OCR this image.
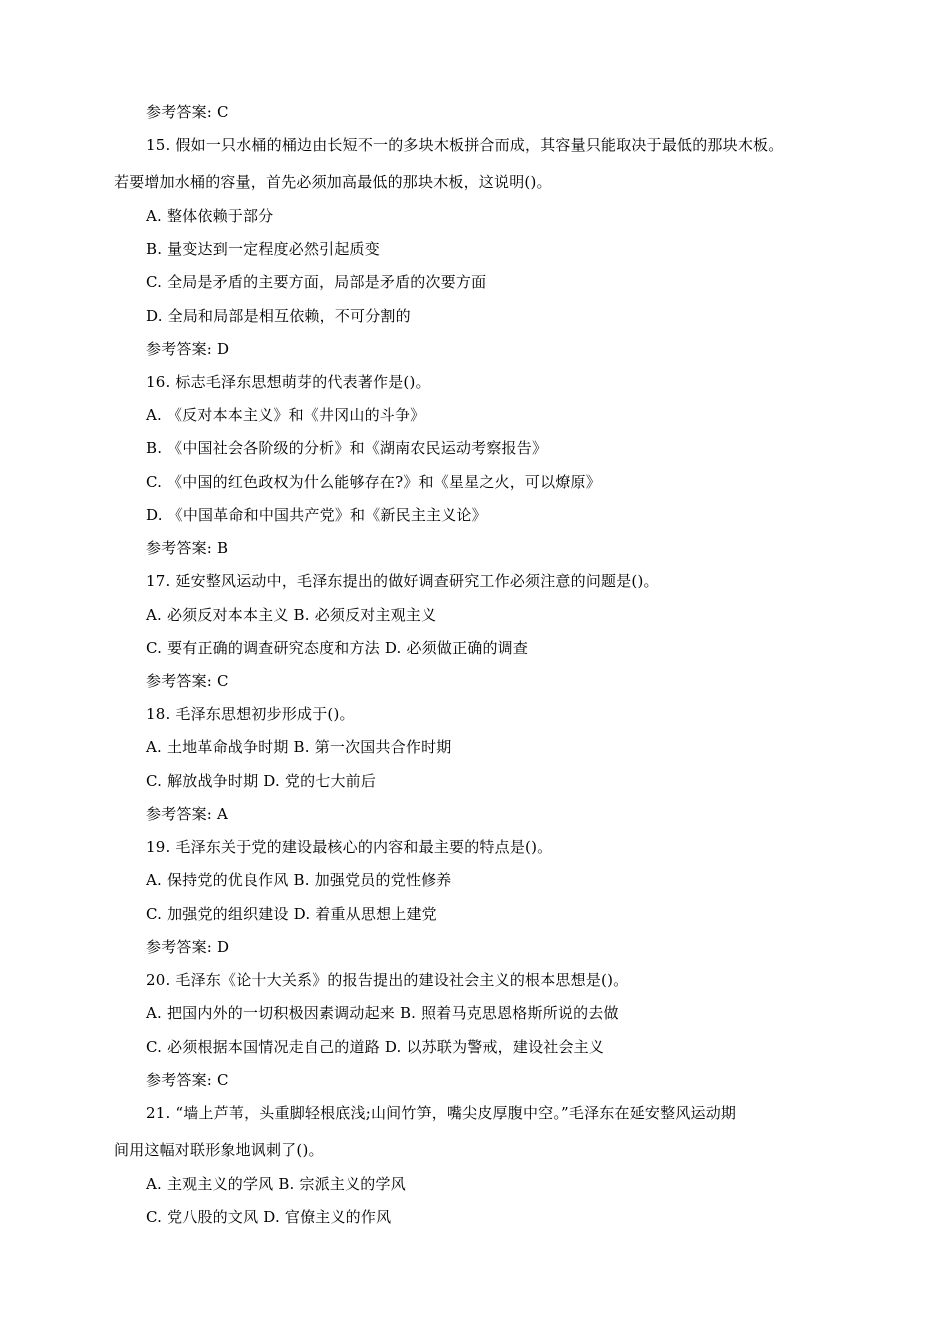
参考答案: C
15. 假如一只水桶的桶边由长短不一的多块木板拼合而成，其容量只能取决于最低的那块木板。
若要增加水桶的容量，首先必须加高最低的那块木板，这说明()。
A. 整体依赖于部分
B. 量变达到一定程度必然引起质变
C. 全局是矛盾的主要方面，局部是矛盾的次要方面
D. 全局和局部是相互依赖，不可分割的
参考答案: D
16. 标志毛泽东思想萌芽的代表著作是()。
A. 《反对本本主义》和《井冈山的斗争》
B. 《中国社会各阶级的分析》和《湖南农民运动考察报告》
C. 《中国的红色政权为什么能够存在?》和《星星之火，可以燎原》
D. 《中国革命和中国共产党》和《新民主主义论》
参考答案: B
17. 延安整风运动中，毛泽东提出的做好调查研究工作必须注意的问题是()。
A. 必须反对本本主义 B. 必须反对主观主义
C. 要有正确的调查研究态度和方法 D. 必须做正确的调查
参考答案: C
18. 毛泽东思想初步形成于()。
A. 土地革命战争时期 B. 第一次国共合作时期
C. 解放战争时期 D. 党的七大前后
参考答案: A
19. 毛泽东关于党的建设最核心的内容和最主要的特点是()。
A. 保持党的优良作风 B. 加强党员的党性修养
C. 加强党的组织建设 D. 着重从思想上建党
参考答案: D
20. 毛泽东《论十大关系》的报告提出的建设社会主义的根本思想是()。
A. 把国内外的一切积极因素调动起来 B. 照着马克思恩格斯所说的去做
C. 必须根据本国情况走自己的道路 D. 以苏联为警戒，建设社会主义
参考答案: C
21. “墙上芦苇，头重脚轻根底浅;山间竹笋，嘴尖皮厚腹中空。”毛泽东在延安整风运动期
间用这幅对联形象地讽刺了()。
A. 主观主义的学风 B. 宗派主义的学风
C. 党八股的文风 D. 官僚主义的作风
